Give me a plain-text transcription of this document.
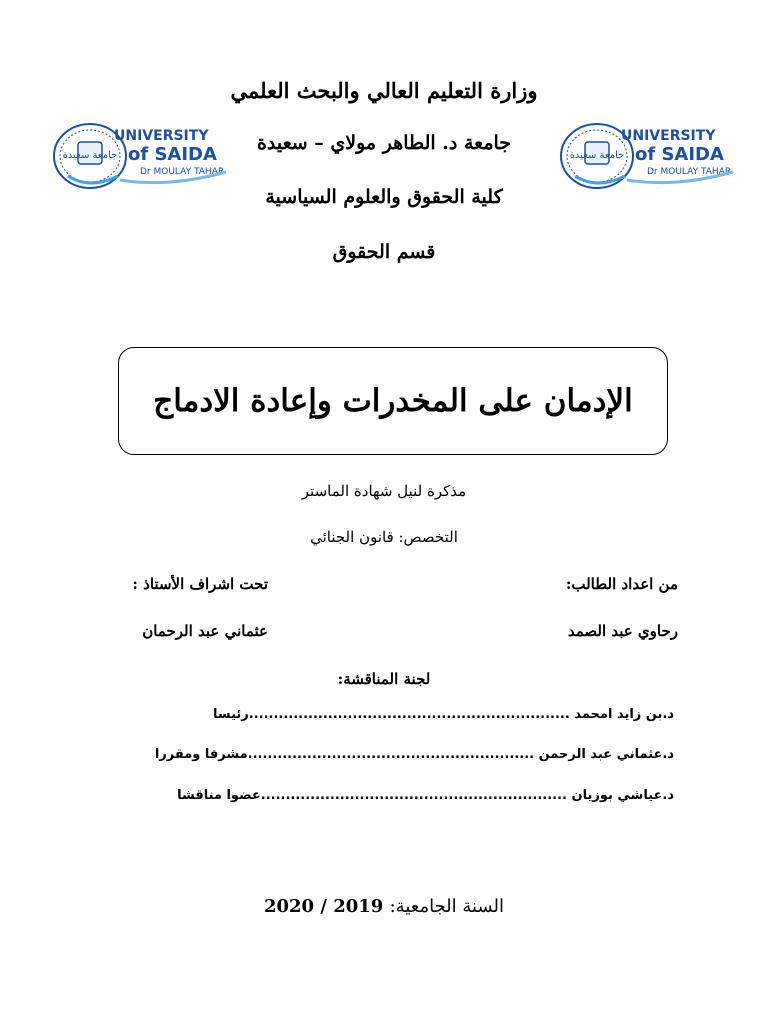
وزارة التعليم العالي والبحث العلمي
جامعة د. الطاهر مولاي – سعيدة
كلية الحقوق والعلوم السياسية
قسم الحقوق
جامعة سعيدة
UNIVERSITY
of SAIDA
Dr MOULAY TAHAR
جامعة سعيدة
UNIVERSITY
of SAIDA
Dr MOULAY TAHAR
الإدمان على المخدرات وإعادة الادماج
مذكرة لنيل شهادة الماستر
التخصص: قانون الجنائي
من اعداد الطالب:
تحت اشراف الأستاذ :
رحاوي عبد الصمد
عثماني عبد الرحمان
لجنة المناقشة:
د.بن زايد امحمد .................................................................رئيسا
د.عثماني عبد الرحمن ..........................................................مشرفا ومقررا
د.عياشي بوزيان ..............................................................عضوا مناقشا
السنة الجامعية: 2019 / 2020
